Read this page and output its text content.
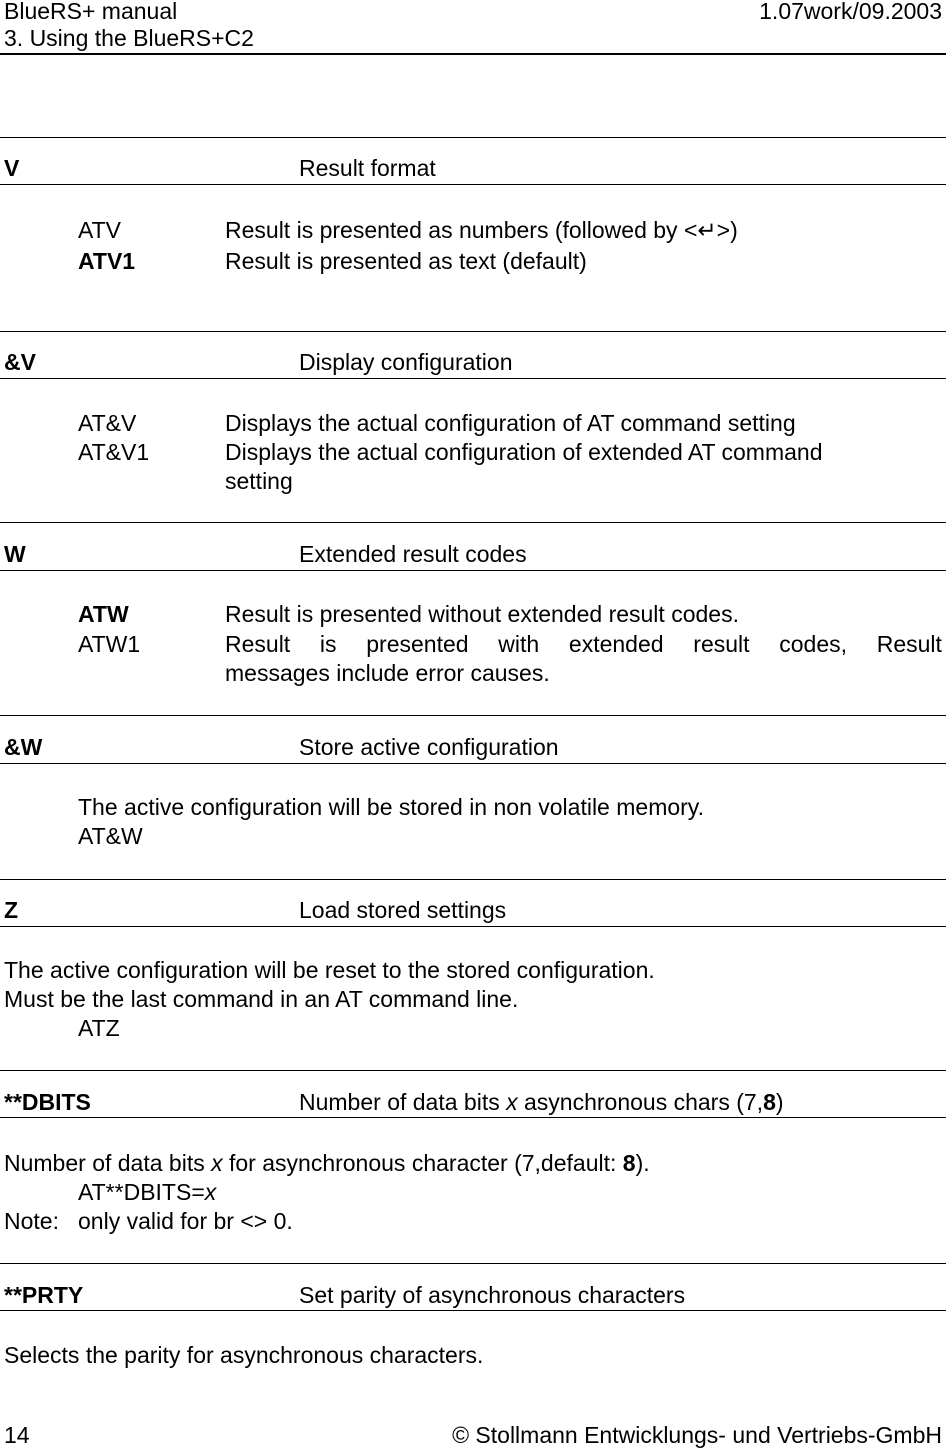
BlueRS+ manual	1.07work/09.2003
3. Using the BlueRS+C2
V	Result format
ATV	Result is presented as numbers (followed by <↵>)
ATV1	Result is presented as text (default)
&V	Display configuration
AT&V	Displays the actual configuration of AT command setting
AT&V1	Displays the actual configuration of extended AT command
setting
W	Extended result codes
ATW	Result is presented without extended result codes.
ATW1	Result is presented with extended result codes, Result
messages include error causes.
&W	Store active configuration
The active configuration will be stored in non volatile memory.
AT&W
Z	Load stored settings
The active configuration will be reset to the stored configuration.
Must be the last command in an AT command line.
ATZ
**DBITS	Number of data bits x asynchronous chars (7,8)
Number of data bits x for asynchronous character (7,default: 8).
AT**DBITS=x
Note: only valid for br <> 0.
**PRTY	Set parity of asynchronous characters
Selects the parity for asynchronous characters.
14	© Stollmann Entwicklungs- und Vertriebs-GmbH
